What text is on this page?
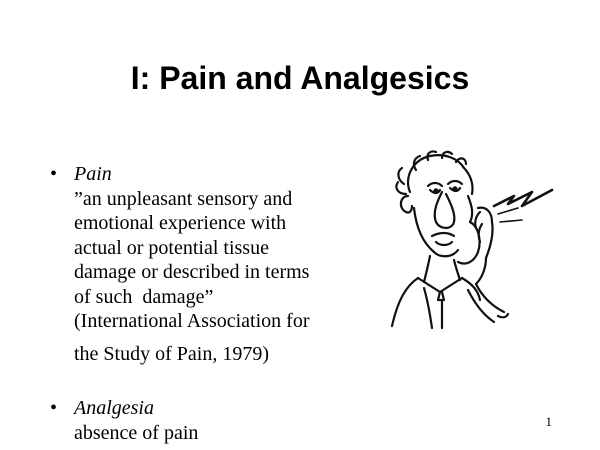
I: Pain and Analgesics
• Pain
”an unpleasant sensory and
emotional experience with
actual or potential tissue
damage or described in terms
of such  damage”
(International Association for
the Study of Pain, 1979)
• Analgesia
absence of pain	1
